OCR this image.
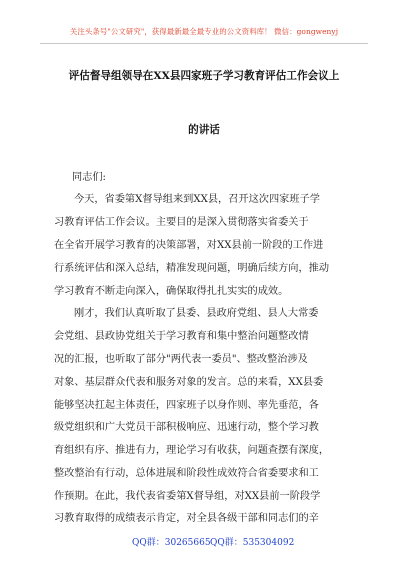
关注头条号"公文研究"，获得最新最全最专业的公文资料库！ 微信：gongwenyj
评估督导组领导在XX县四家班子学习教育评估工作会议上
的讲话
同志们:
今天，省委第X督导组来到XX县，召开这次四家班子学
习教育评估工作会议。主要目的是深入贯彻落实省委关于
在全省开展学习教育的决策部署，对XX县前一阶段的工作进
行系统评估和深入总结，精准发现问题，明确后续方向，推动
学习教育不断走向深入，确保取得扎扎实实的成效。
刚才，我们认真听取了县委、县政府党组、县人大常委
会党组、县政协党组关于学习教育和集中整治问题整改情
况的汇报，也听取了部分"两代表一委员"、整改整治涉及
对象、基层群众代表和服务对象的发言。总的来看，XX县委
能够坚决扛起主体责任，四家班子以身作则、率先垂范，各
级党组织和广大党员干部积极响应、迅速行动，整个学习教
育组织有序、推进有力，理论学习有收获，问题查摆有深度，
整改整治有行动，总体进展和阶段性成效符合省委要求和工
作预期。在此，我代表省委第X督导组，对XX县前一阶段学
习教育取得的成绩表示肯定，对全县各级干部和同志们的辛
QQ群：30265665 QQ群：535304092
